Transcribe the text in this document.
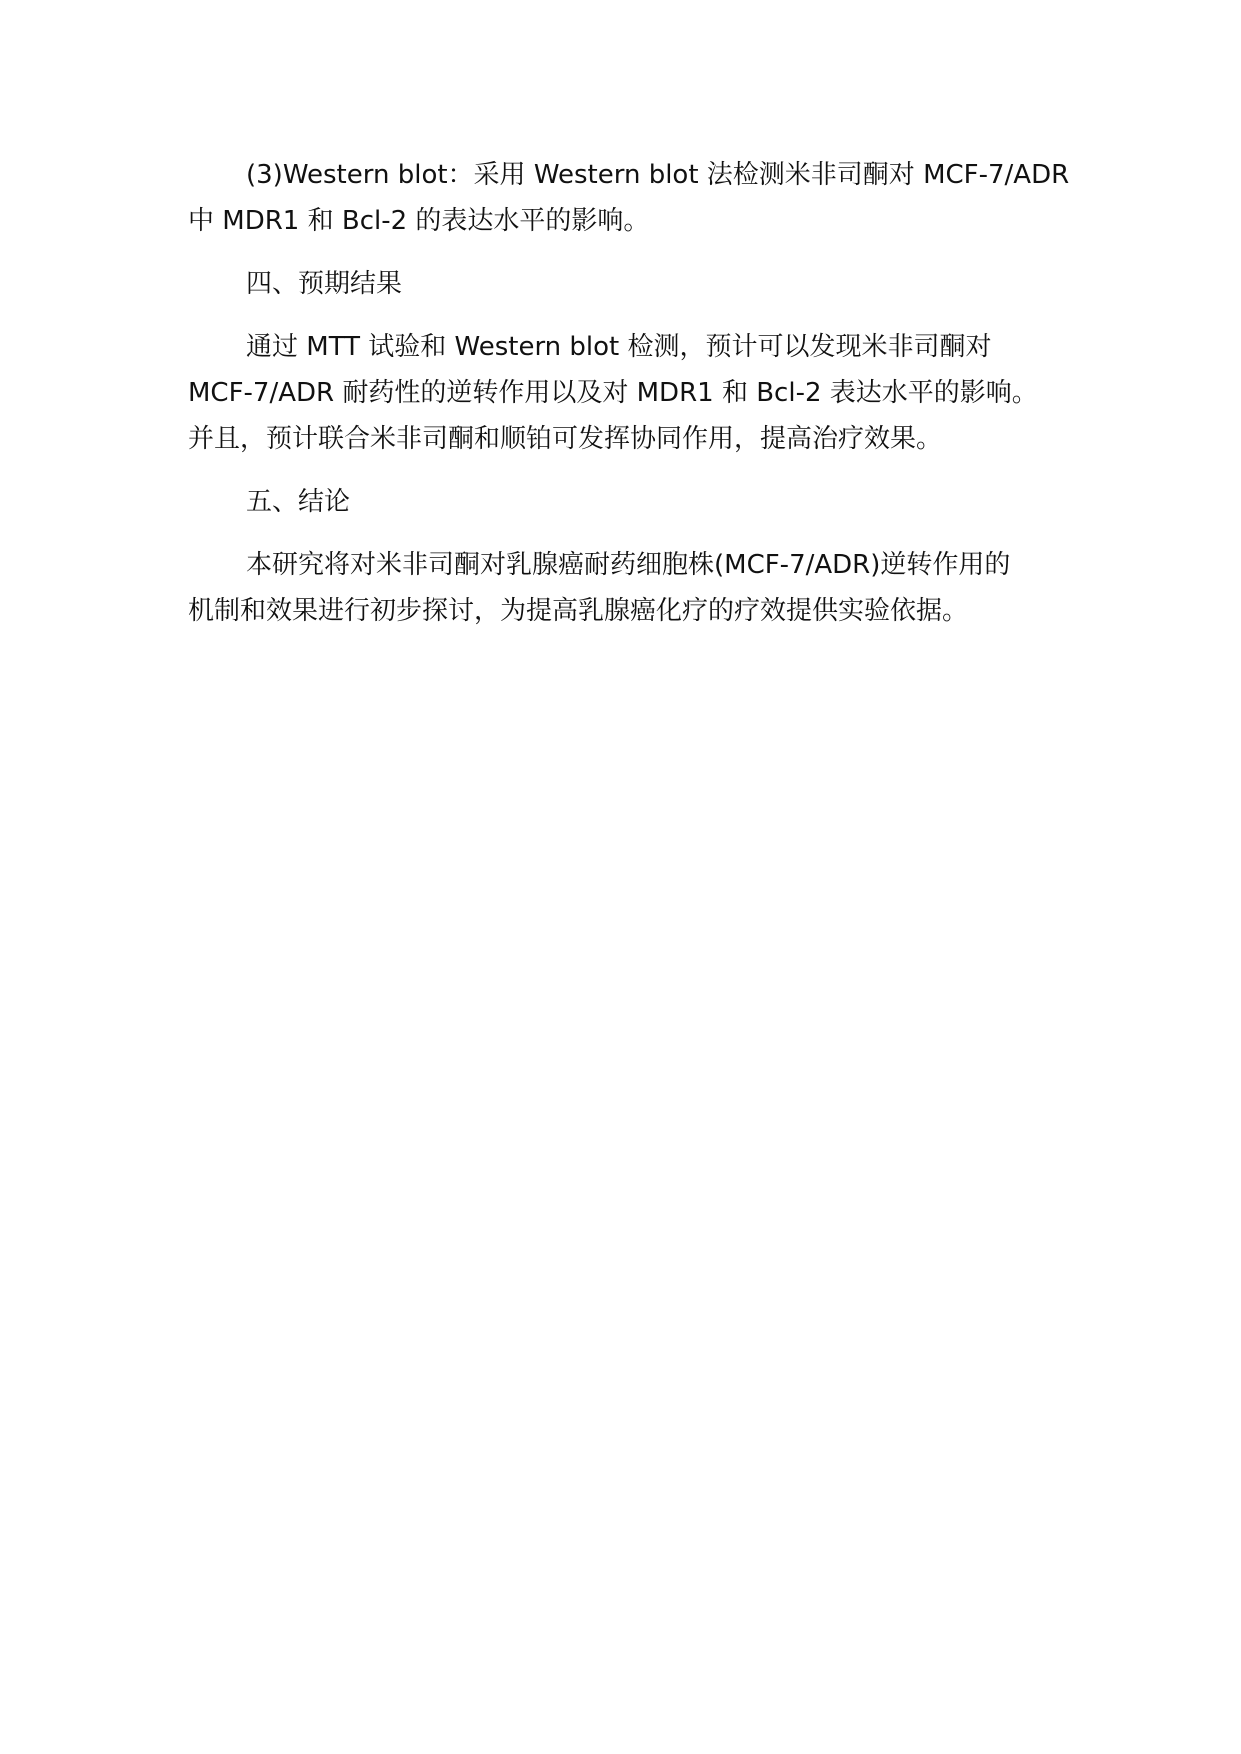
(3)Western blot：采用 Western blot 法检测米非司酮对 MCF-7/ADR
中 MDR1 和 Bcl-2 的表达水平的影响。

四、预期结果

通过 MTT 试验和 Western blot 检测，预计可以发现米非司酮对
MCF-7/ADR 耐药性的逆转作用以及对 MDR1 和 Bcl-2 表达水平的影响。
并且，预计联合米非司酮和顺铂可发挥协同作用，提高治疗效果。

五、结论

本研究将对米非司酮对乳腺癌耐药细胞株(MCF-7/ADR)逆转作用的
机制和效果进行初步探讨，为提高乳腺癌化疗的疗效提供实验依据。
